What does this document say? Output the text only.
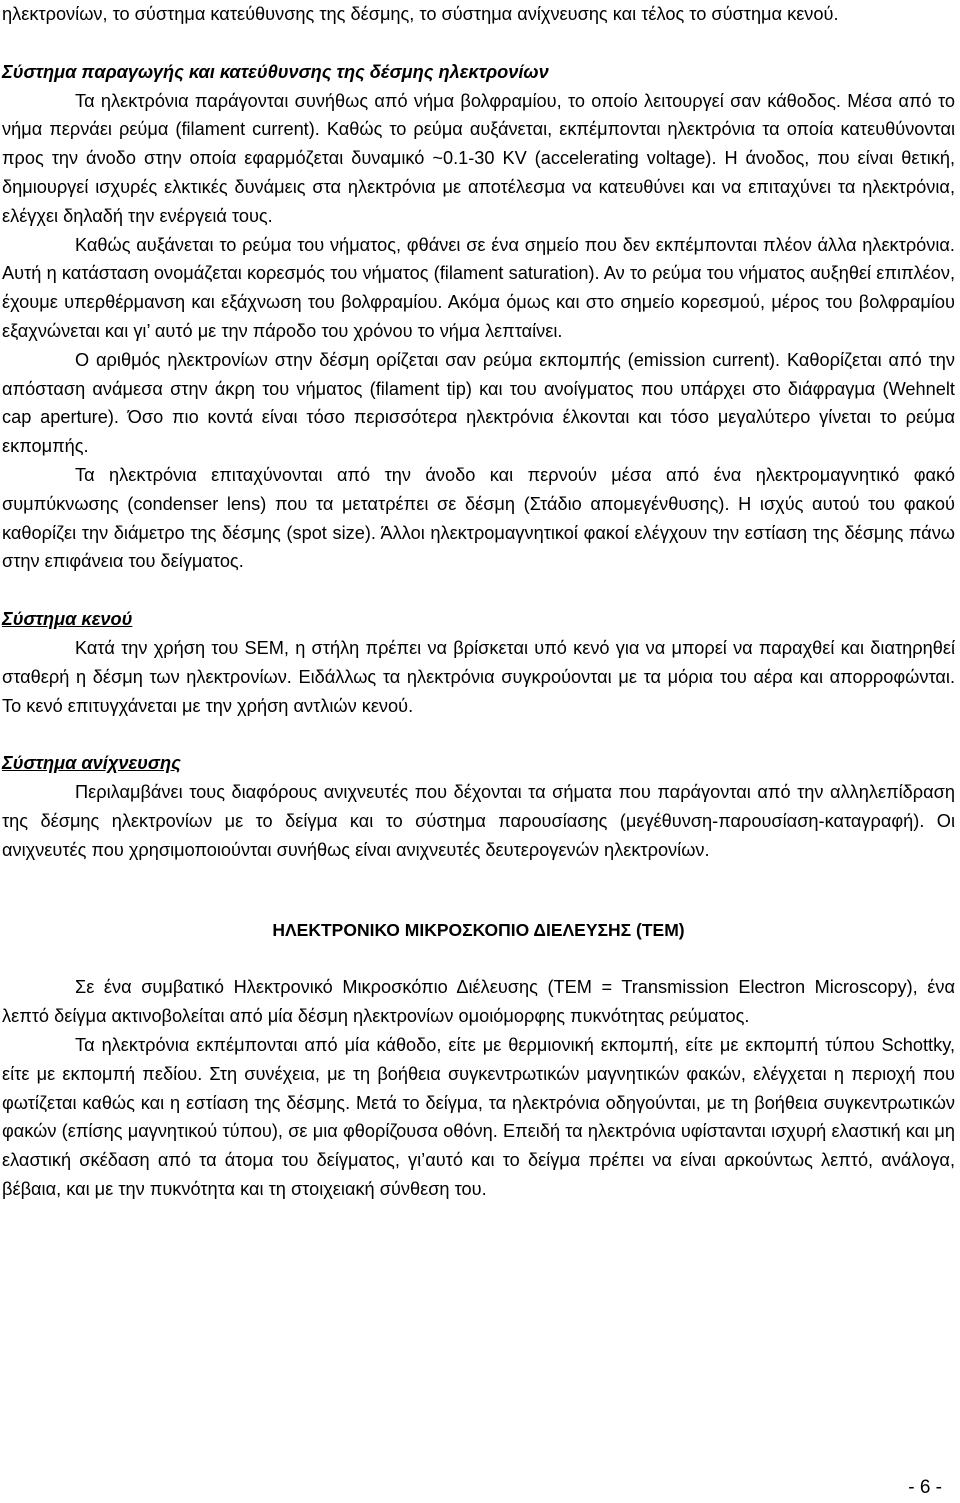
ηλεκτρονίων, το σύστημα κατεύθυνσης της δέσμης, το σύστημα ανίχνευσης και τέλος το σύστημα κενού.

Σύστημα παραγωγής και κατεύθυνσης της δέσμης ηλεκτρονίων

Τα ηλεκτρόνια παράγονται συνήθως από νήμα βολφραμίου, το οποίο λειτουργεί σαν κάθοδος. Μέσα από το νήμα περνάει ρεύμα (filament current). Καθώς το ρεύμα αυξάνεται, εκπέμπονται ηλεκτρόνια τα οποία κατευθύνονται προς την άνοδο στην οποία εφαρμόζεται δυναμικό ~0.1-30 KV (accelerating voltage). Η άνοδος, που είναι θετική, δημιουργεί ισχυρές ελκτικές δυνάμεις στα ηλεκτρόνια με αποτέλεσμα να κατευθύνει και να επιταχύνει τα ηλεκτρόνια, ελέγχει δηλαδή την ενέργειά τους.

Καθώς αυξάνεται το ρεύμα του νήματος, φθάνει σε ένα σημείο που δεν εκπέμπονται πλέον άλλα ηλεκτρόνια. Αυτή η κατάσταση ονομάζεται κορεσμός του νήματος (filament saturation). Αν το ρεύμα του νήματος αυξηθεί επιπλέον, έχουμε υπερθέρμανση και εξάχνωση του βολφραμίου. Ακόμα όμως και στο σημείο κορεσμού, μέρος του βολφραμίου εξαχνώνεται και γι’ αυτό με την πάροδο του χρόνου το νήμα λεπταίνει.

Ο αριθμός ηλεκτρονίων στην δέσμη ορίζεται σαν ρεύμα εκπομπής (emission current). Καθορίζεται από την απόσταση ανάμεσα στην άκρη του νήματος (filament tip) και του ανοίγματος που υπάρχει στο διάφραγμα (Wehnelt cap aperture). Όσο πιο κοντά είναι τόσο περισσότερα ηλεκτρόνια έλκονται και τόσο μεγαλύτερο γίνεται το ρεύμα εκπομπής.

Τα ηλεκτρόνια επιταχύνονται από την άνοδο και περνούν μέσα από ένα ηλεκτρομαγνητικό φακό συμπύκνωσης (condenser lens) που τα μετατρέπει σε δέσμη (Στάδιο απομεγένθυσης). Η ισχύς αυτού του φακού καθορίζει την διάμετρο της δέσμης (spot size). Άλλοι ηλεκτρομαγνητικοί φακοί ελέγχουν την εστίαση της δέσμης πάνω στην επιφάνεια του δείγματος.

Σύστημα κενού

Κατά την χρήση του SEM, η στήλη πρέπει να βρίσκεται υπό κενό για να μπορεί να παραχθεί και διατηρηθεί σταθερή η δέσμη των ηλεκτρονίων. Ειδάλλως τα ηλεκτρόνια συγκρούονται με τα μόρια του αέρα και απορροφώνται. Το κενό επιτυγχάνεται με την χρήση αντλιών κενού.

Σύστημα ανίχνευσης

Περιλαμβάνει τους διαφόρους ανιχνευτές που δέχονται τα σήματα που παράγονται από την αλληλεπίδραση της δέσμης ηλεκτρονίων με το δείγμα και το σύστημα παρουσίασης (μεγέθυνση-παρουσίαση-καταγραφή). Οι ανιχνευτές που χρησιμοποιούνται συνήθως είναι ανιχνευτές δευτερογενών ηλεκτρονίων.

ΗΛΕΚΤΡΟΝΙΚΟ ΜΙΚΡΟΣΚΟΠΙΟ ΔΙΕΛΕΥΣΗΣ (TEM)

Σε ένα συμβατικό Ηλεκτρονικό Μικροσκόπιο Διέλευσης (TEM = Transmission Electron Microscopy), ένα λεπτό δείγμα ακτινοβολείται από μία δέσμη ηλεκτρονίων ομοιόμορφης πυκνότητας ρεύματος.

Τα ηλεκτρόνια εκπέμπονται από μία κάθοδο, είτε με θερμιονική εκπομπή, είτε με εκπομπή τύπου Schottky, είτε με εκπομπή πεδίου. Στη συνέχεια, με τη βοήθεια συγκεντρωτικών μαγνητικών φακών, ελέγχεται η περιοχή που φωτίζεται καθώς και η εστίαση της δέσμης. Μετά το δείγμα, τα ηλεκτρόνια οδηγούνται, με τη βοήθεια συγκεντρωτικών φακών (επίσης μαγνητικού τύπου), σε μια φθορίζουσα οθόνη. Επειδή τα ηλεκτρόνια υφίστανται ισχυρή ελαστική και μη ελαστική σκέδαση από τα άτομα του δείγματος, γι’αυτό και το δείγμα πρέπει να είναι αρκούντως λεπτό, ανάλογα, βέβαια, και με την πυκνότητα και τη στοιχειακή σύνθεση του.

- 6 -
